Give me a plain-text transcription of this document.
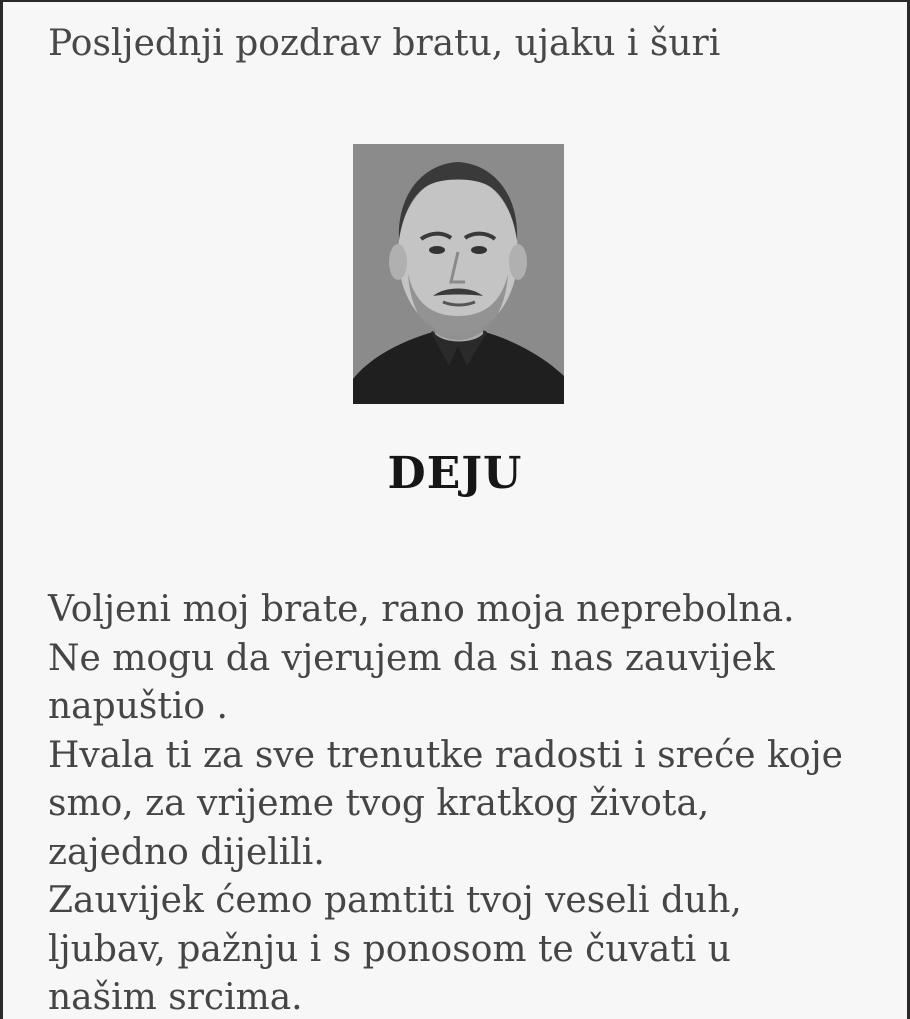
Posljednji pozdrav bratu, ujaku i šuri
DEJU
Voljeni moj brate, rano moja neprebolna.
Ne mogu da vjerujem da si nas zauvijek
napuštio .
Hvala ti za sve trenutke radosti i sreće koje
smo, za vrijeme tvog kratkog života,
zajedno dijelili.
Zauvijek ćemo pamtiti tvoj veseli duh,
ljubav, pažnju i s ponosom te čuvati u
našim srcima.
